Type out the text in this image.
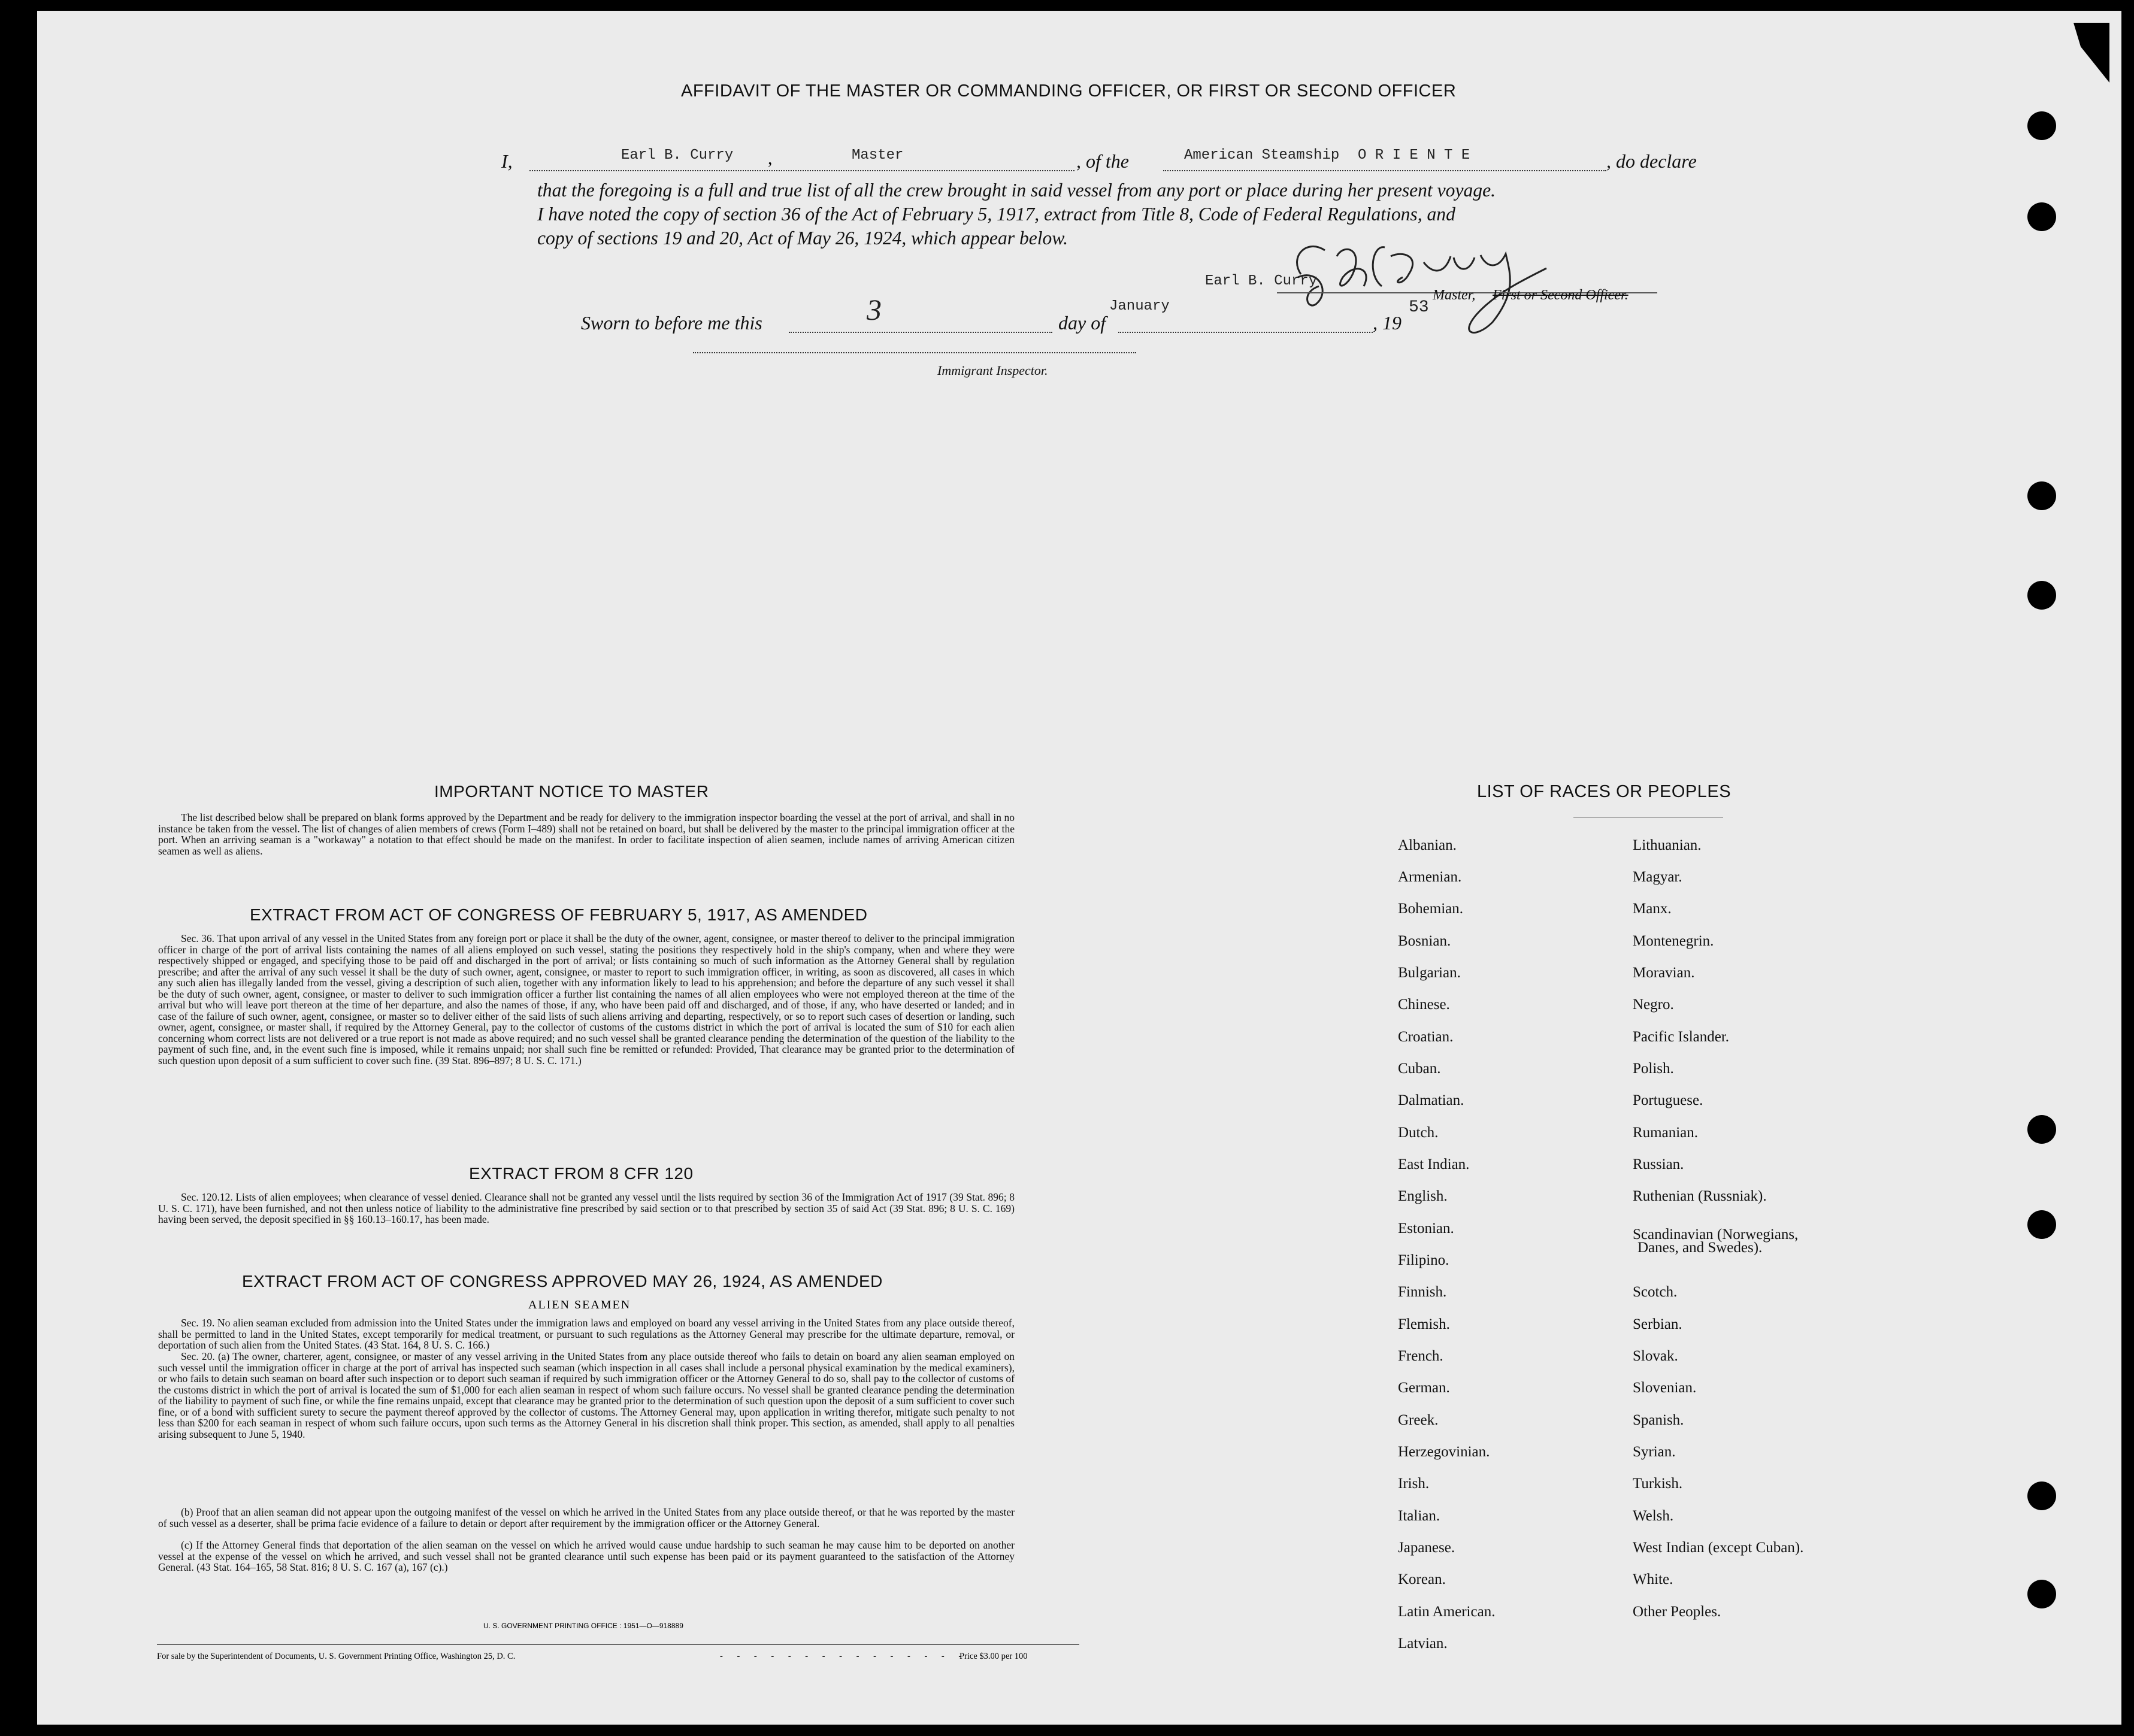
AFFIDAVIT OF THE MASTER OR COMMANDING OFFICER, OR FIRST OR SECOND OFFICER
I,	Earl B. Curry ,	Master	, of the	American Steamship O R I E N T E	, do declare
that the foregoing is a full and true list of all the crew brought in said vessel from any port or place during her present voyage.
I have noted the copy of section 36 of the Act of February 5, 1917, extract from Title 8, Code of Federal Regulations, and
copy of sections 19 and 20, Act of May 26, 1924, which appear below.
Earl B. Curry
Master, First or Second Officer.
Sworn to before me this	3	day of
January
, 19
53
Immigrant Inspector.
IMPORTANT NOTICE TO MASTER
The list described below shall be prepared on blank forms approved by the Department and be ready for delivery to the immigration inspector boarding the vessel at the port of arrival, and shall in no instance be taken from the vessel. The list of changes of alien members of crews (Form I–489) shall not be retained on board, but shall be delivered by the master to the principal immigration officer at the port. When an arriving seaman is a "workaway" a notation to that effect should be made on the manifest. In order to facilitate inspection of alien seamen, include names of arriving American citizen seamen as well as aliens.
EXTRACT FROM ACT OF CONGRESS OF FEBRUARY 5, 1917, AS AMENDED
Sec. 36. That upon arrival of any vessel in the United States from any foreign port or place it shall be the duty of the owner, agent, consignee, or master thereof to deliver to the principal immigration officer in charge of the port of arrival lists containing the names of all aliens employed on such vessel, stating the positions they respectively hold in the ship's company, when and where they were respectively shipped or engaged, and specifying those to be paid off and discharged in the port of arrival; or lists containing so much of such information as the Attorney General shall by regulation prescribe; and after the arrival of any such vessel it shall be the duty of such owner, agent, consignee, or master to report to such immigration officer, in writing, as soon as discovered, all cases in which any such alien has illegally landed from the vessel, giving a description of such alien, together with any information likely to lead to his apprehension; and before the departure of any such vessel it shall be the duty of such owner, agent, consignee, or master to deliver to such immigration officer a further list containing the names of all alien employees who were not employed thereon at the time of the arrival but who will leave port thereon at the time of her departure, and also the names of those, if any, who have been paid off and discharged, and of those, if any, who have deserted or landed; and in case of the failure of such owner, agent, consignee, or master so to deliver either of the said lists of such aliens arriving and departing, respectively, or so to report such cases of desertion or landing, such owner, agent, consignee, or master shall, if required by the Attorney General, pay to the collector of customs of the customs district in which the port of arrival is located the sum of $10 for each alien concerning whom correct lists are not delivered or a true report is not made as above required; and no such vessel shall be granted clearance pending the determination of the question of the liability to the payment of such fine, and, in the event such fine is imposed, while it remains unpaid; nor shall such fine be remitted or refunded: Provided, That clearance may be granted prior to the determination of such question upon deposit of a sum sufficient to cover such fine. (39 Stat. 896–897; 8 U. S. C. 171.)
EXTRACT FROM 8 CFR 120
Sec. 120.12. Lists of alien employees; when clearance of vessel denied. Clearance shall not be granted any vessel until the lists required by section 36 of the Immigration Act of 1917 (39 Stat. 896; 8 U. S. C. 171), have been furnished, and not then unless notice of liability to the administrative fine prescribed by said section or to that prescribed by section 35 of said Act (39 Stat. 896; 8 U. S. C. 169) having been served, the deposit specified in §§ 160.13–160.17, has been made.
EXTRACT FROM ACT OF CONGRESS APPROVED MAY 26, 1924, AS AMENDED
ALIEN SEAMEN
Sec. 19. No alien seaman excluded from admission into the United States under the immigration laws and employed on board any vessel arriving in the United States from any place outside thereof, shall be permitted to land in the United States, except temporarily for medical treatment, or pursuant to such regulations as the Attorney General may prescribe for the ultimate departure, removal, or deportation of such alien from the United States. (43 Stat. 164, 8 U. S. C. 166.)
Sec. 20. (a) The owner, charterer, agent, consignee, or master of any vessel arriving in the United States from any place outside thereof who fails to detain on board any alien seaman employed on such vessel until the immigration officer in charge at the port of arrival has inspected such seaman (which inspection in all cases shall include a personal physical examination by the medical examiners), or who fails to detain such seaman on board after such inspection or to deport such seaman if required by such immigration officer or the Attorney General to do so, shall pay to the collector of customs of the customs district in which the port of arrival is located the sum of $1,000 for each alien seaman in respect of whom such failure occurs. No vessel shall be granted clearance pending the determination of the liability to payment of such fine, or while the fine remains unpaid, except that clearance may be granted prior to the determination of such question upon the deposit of a sum sufficient to cover such fine, or of a bond with sufficient surety to secure the payment thereof approved by the collector of customs. The Attorney General may, upon application in writing therefor, mitigate such penalty to not less than $200 for each seaman in respect of whom such failure occurs, upon such terms as the Attorney General in his discretion shall think proper. This section, as amended, shall apply to all penalties arising subsequent to June 5, 1940.
(b) Proof that an alien seaman did not appear upon the outgoing manifest of the vessel on which he arrived in the United States from any place outside thereof, or that he was reported by the master of such vessel as a deserter, shall be prima facie evidence of a failure to detain or deport after requirement by the immigration officer or the Attorney General.
(c) If the Attorney General finds that deportation of the alien seaman on the vessel on which he arrived would cause undue hardship to such seaman he may cause him to be deported on another vessel at the expense of the vessel on which he arrived, and such vessel shall not be granted clearance until such expense has been paid or its payment guaranteed to the satisfaction of the Attorney General. (43 Stat. 164–165, 58 Stat. 816; 8 U. S. C. 167 (a), 167 (c).)
U. S. GOVERNMENT PRINTING OFFICE : 1951—O—918889
For sale by the Superintendent of Documents, U. S. Government Printing Office, Washington 25, D. C.	- - - - - - - - - - - - - - -
Price $3.00 per 100
LIST OF RACES OR PEOPLES
Albanian.
Armenian.
Bohemian.
Bosnian.
Bulgarian.
Chinese.
Croatian.
Cuban.
Dalmatian.
Dutch.
East Indian.
English.
Estonian.
Filipino.
Finnish.
Flemish.
French.
German.
Greek.
Herzegovinian.
Irish.
Italian.
Japanese.
Korean.
Latin American.
Latvian.
Lithuanian.
Magyar.
Manx.
Montenegrin.
Moravian.
Negro.
Pacific Islander.
Polish.
Portuguese.
Rumanian.
Russian.
Ruthenian (Russniak).
Scandinavian (Norwegians,
Scotch.
Serbian.
Slovak.
Slovenian.
Spanish.
Syrian.
Turkish.
Welsh.
West Indian (except Cuban).
White.
Other Peoples.
Danes, and Swedes).
